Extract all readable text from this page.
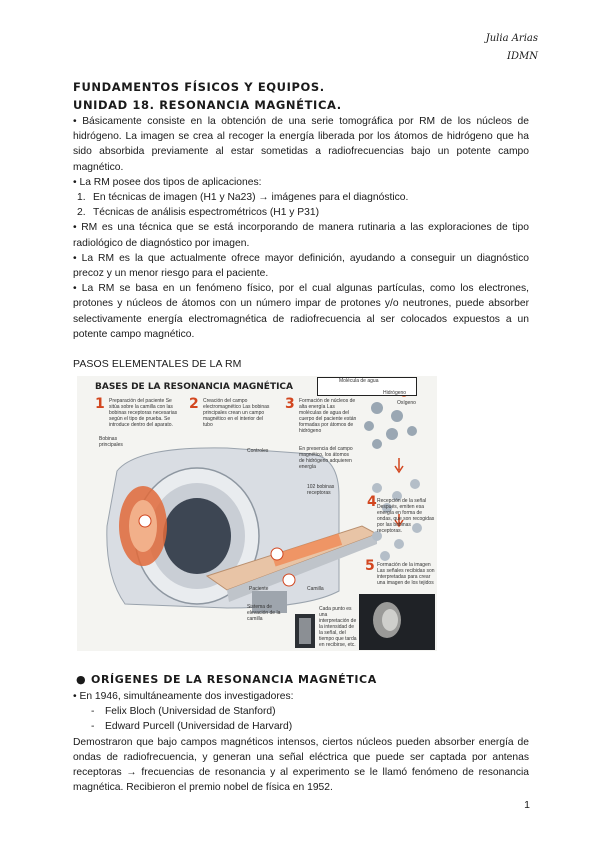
Julia Arias
IDMN
FUNDAMENTOS FÍSICOS Y EQUIPOS.
UNIDAD 18. RESONANCIA MAGNÉTICA.

• Básicamente consiste en la obtención de una serie tomográfica por RM de los núcleos de hidrógeno. La imagen se crea al recoger la energía liberada por los átomos de hidrógeno que ha sido absorbida previamente al estar sometidas a radiofrecuencias bajo un potente campo magnético.

• La RM posee dos tipos de aplicaciones:

1. En técnicas de imagen (H1 y Na23) → imágenes para el diagnóstico.
2. Técnicas de análisis espectrométricos (H1 y P31)

• RM es una técnica que se está incorporando de manera rutinaria a las exploraciones de tipo radiológico de diagnóstico por imagen.

• La RM es la que actualmente ofrece mayor definición, ayudando a conseguir un diagnóstico precoz y un menor riesgo para el paciente.

• La RM se basa en un fenómeno físico, por el cual algunas partículas, como los electrones, protones y núcleos de átomos con un número impar de protones y/o neutrones, puede absorber selectivamente energía electromagnética de radiofrecuencia al ser colocados expuestos a un potente campo magnético.

PASOS ELEMENTALES DE LA RM
BASES DE LA RESONANCIA MAGNÉTICA
1 Preparación del paciente Se sitúa sobre la camilla con las bobinas receptoras necesarias según el tipo de prueba. Se introduce dentro del aparato.
2 Creación del campo electromagnético Las bobinas principales crean un campo magnético en el interior del tubo
3 Formación de núcleos de alta energía Las moléculas de agua del cuerpo del paciente están formadas por átomos de hidrógeno
4 Recepción de la señal Después, emiten esa energía en forma de ondas, que son recogidas por las bobinas receptoras.
5 Formación de la imagen Las señales recibidas son interpretadas para crear una imagen de los tejidos
Bobinas principales
Controles
102 bobinas receptoras
Paciente	Camilla
Sistema de elevación de la camilla
Molécula de agua
Hidrógeno
Oxígeno
En presencia del campo magnético, los átomos de hidrógeno adquieren energía
Cada punto es una interpretación de la intensidad de la señal, del tiempo que tarda en recibirse, etc.
● ORÍGENES DE LA RESONANCIA MAGNÉTICA

• En 1946, simultáneamente dos investigadores:

- Felix Bloch (Universidad de Stanford)
- Edward Purcell (Universidad de Harvard)

Demostraron que bajo campos magnéticos intensos, ciertos núcleos pueden absorber energía de ondas de radiofrecuencia, y generan una señal eléctrica que puede ser captada por antenas receptoras → frecuencias de resonancia y al experimento se le llamó fenómeno de resonancia magnética. Recibieron el premio nobel de física en 1952.

1
